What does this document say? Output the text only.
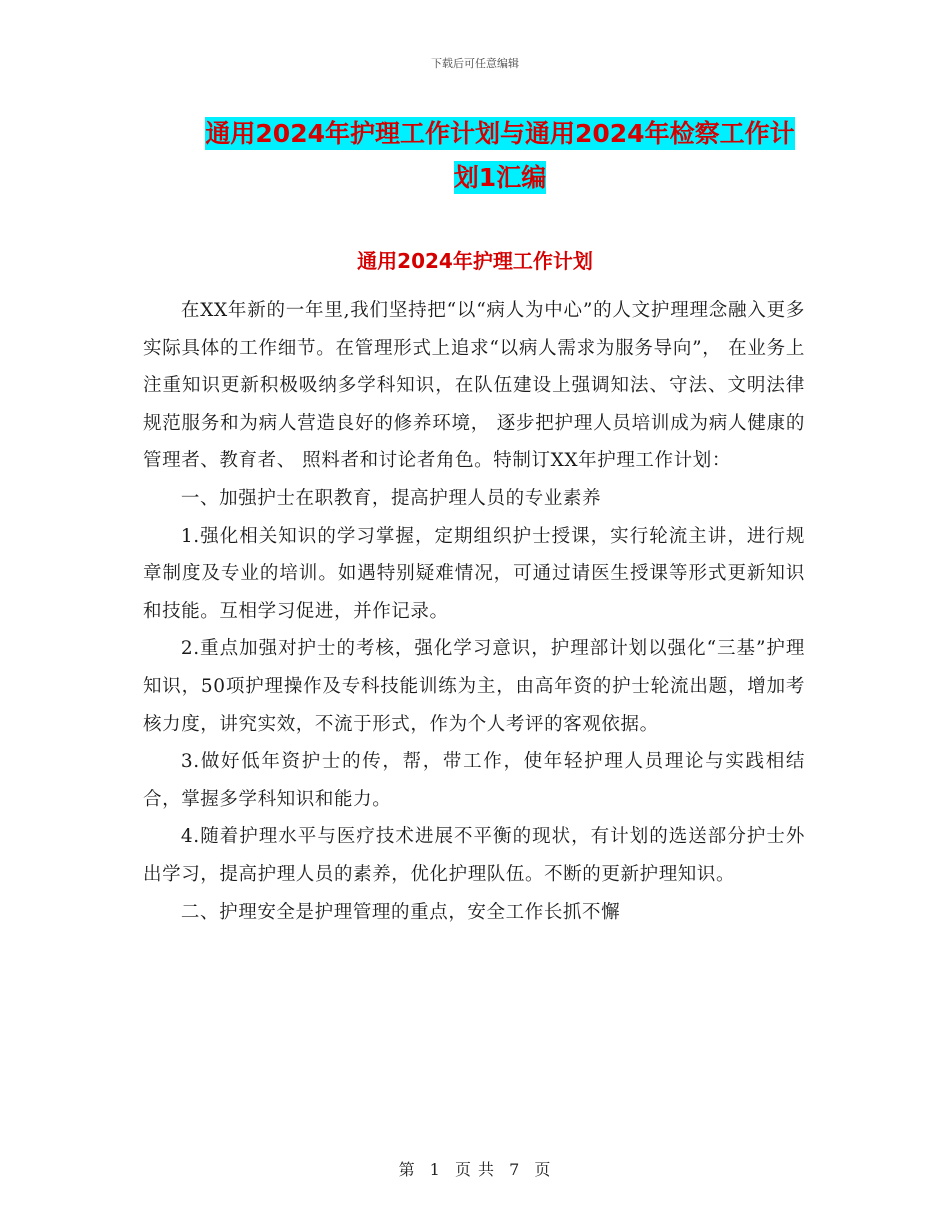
下载后可任意编辑
通用2024年护理工作计划与通用2024年检察工作计
划1汇编
通用2024年护理工作计划

在XX年新的一年里,我们坚持把“以“病人为中心”的人文护理理念融入更多实际具体的工作细节。在管理形式上追求“以病人需求为服务导向”， 在业务上注重知识更新积极吸纳多学科知识，在队伍建设上强调知法、守法、文明法律规范服务和为病人营造良好的修养环境， 逐步把护理人员培训成为病人健康的管理者、教育者、 照料者和讨论者角色。特制订XX年护理工作计划：

一、加强护士在职教育，提高护理人员的专业素养

1.强化相关知识的学习掌握，定期组织护士授课，实行轮流主讲，进行规章制度及专业的培训。如遇特别疑难情况，可通过请医生授课等形式更新知识和技能。互相学习促进，并作记录。

2.重点加强对护士的考核，强化学习意识，护理部计划以强化“三基”护理知识，50项护理操作及专科技能训练为主，由高年资的护士轮流出题，增加考核力度，讲究实效，不流于形式，作为个人考评的客观依据。

3.做好低年资护士的传，帮，带工作，使年轻护理人员理论与实践相结合，掌握多学科知识和能力。

4.随着护理水平与医疗技术进展不平衡的现状，有计划的选送部分护士外出学习，提高护理人员的素养，优化护理队伍。不断的更新护理知识。

二、护理安全是护理管理的重点，安全工作长抓不懈

第 1 页 共 7 页
